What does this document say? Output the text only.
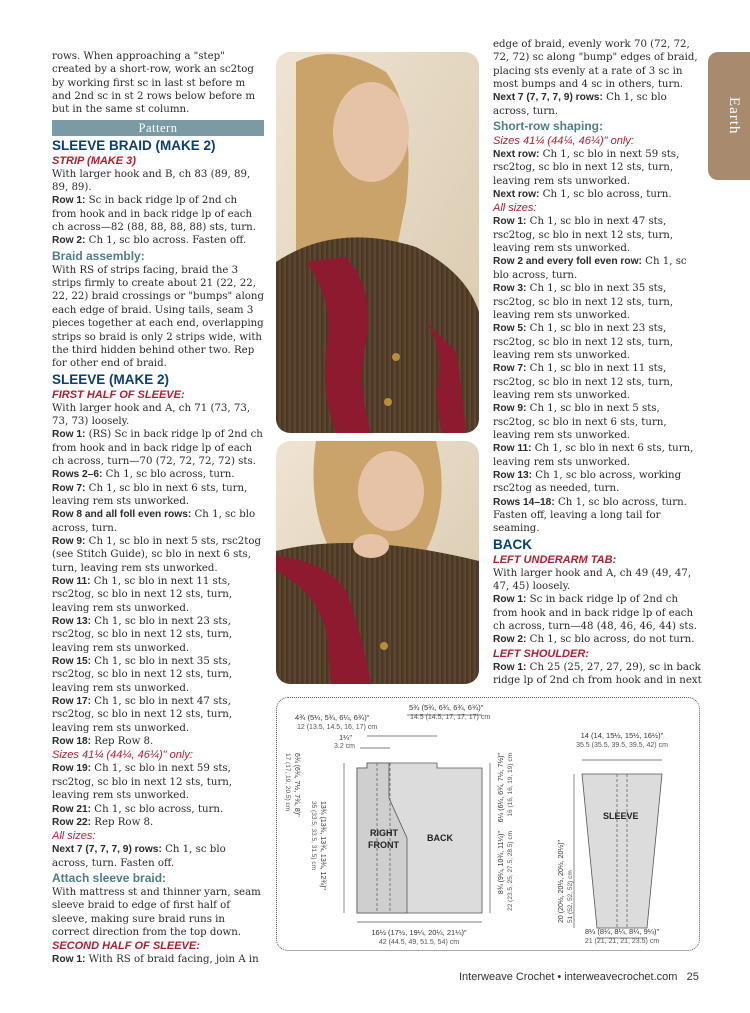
rows. When approaching a "step" created by a short-row, work an sc2tog by working first sc in last st before m and 2nd sc in st 2 rows below before m but in the same st column.

Pattern
SLEEVE BRAID (MAKE 2)
STRIP (MAKE 3)

With larger hook and B, ch 83 (89, 89, 89, 89).

Row 1: Sc in back ridge lp of 2nd ch from hook and in back ridge lp of each ch across—82 (88, 88, 88, 88) sts, turn.

Row 2: Ch 1, sc blo across. Fasten off.

Braid assembly:

With RS of strips facing, braid the 3 strips firmly to create about 21 (22, 22, 22, 22) braid crossings or "bumps" along each edge of braid. Using tails, seam 3 pieces together at each end, overlapping strips so braid is only 2 strips wide, with the third hidden behind other two. Rep for other end of braid.

SLEEVE (MAKE 2)
FIRST HALF OF SLEEVE:

With larger hook and A, ch 71 (73, 73, 73, 73) loosely.

Row 1: (RS) Sc in back ridge lp of 2nd ch from hook and in back ridge lp of each ch across, turn—70 (72, 72, 72, 72) sts.

Rows 2–6: Ch 1, sc blo across, turn.

Row 7: Ch 1, sc blo in next 6 sts, turn, leaving rem sts unworked.

Row 8 and all foll even rows: Ch 1, sc blo across, turn.

Row 9: Ch 1, sc blo in next 5 sts, rsc2tog (see Stitch Guide), sc blo in next 6 sts, turn, leaving rem sts unworked.

Row 11: Ch 1, sc blo in next 11 sts, rsc2tog, sc blo in next 12 sts, turn, leaving rem sts unworked.

Row 13: Ch 1, sc blo in next 23 sts, rsc2tog, sc blo in next 12 sts, turn, leaving rem sts unworked.

Row 15: Ch 1, sc blo in next 35 sts, rsc2tog, sc blo in next 12 sts, turn, leaving rem sts unworked.

Row 17: Ch 1, sc blo in next 47 sts, rsc2tog, sc blo in next 12 sts, turn, leaving rem sts unworked.

Row 18: Rep Row 8.

Sizes 41¼ (44¼, 46¼)" only:

Row 19: Ch 1, sc blo in next 59 sts, rsc2tog, sc blo in next 12 sts, turn, leaving rem sts unworked.

Row 21: Ch 1, sc blo across, turn.

Row 22: Rep Row 8.

All sizes:

Next 7 (7, 7, 7, 9) rows: Ch 1, sc blo across, turn. Fasten off.

Attach sleeve braid:

With mattress st and thinner yarn, seam sleeve braid to edge of first half of sleeve, making sure braid runs in correct direction from the top down.

SECOND HALF OF SLEEVE:

Row 1: With RS of braid facing, join A in

edge of braid, evenly work 70 (72, 72, 72, 72) sc along "bump" edges of braid, placing sts evenly at a rate of 3 sc in most bumps and 4 sc in others, turn.

Next 7 (7, 7, 7, 9) rows: Ch 1, sc blo across, turn.

Short-row shaping:
Sizes 41¼ (44¼, 46¼)" only:

Next row: Ch 1, sc blo in next 59 sts, rsc2tog, sc blo in next 12 sts, turn, leaving rem sts unworked.

Next row: Ch 1, sc blo across, turn.

All sizes:

Row 1: Ch 1, sc blo in next 47 sts, rsc2tog, sc blo in next 12 sts, turn, leaving rem sts unworked.

Row 2 and every foll even row: Ch 1, sc blo across, turn.

Row 3: Ch 1, sc blo in next 35 sts, rsc2tog, sc blo in next 12 sts, turn, leaving rem sts unworked.

Row 5: Ch 1, sc blo in next 23 sts, rsc2tog, sc blo in next 12 sts, turn, leaving rem sts unworked.

Row 7: Ch 1, sc blo in next 11 sts, rsc2tog, sc blo in next 12 sts, turn, leaving rem sts unworked.

Row 9: Ch 1, sc blo in next 5 sts, rsc2tog, sc blo in next 6 sts, turn, leaving rem sts unworked.

Row 11: Ch 1, sc blo in next 6 sts, turn, leaving rem sts unworked.

Row 13: Ch 1, sc blo across, working rsc2tog as needed, turn.

Rows 14–18: Ch 1, sc blo across, turn. Fasten off, leaving a long tail for seaming.

BACK
LEFT UNDERARM TAB:

With larger hook and A, ch 49 (49, 47, 47, 45) loosely.

Row 1: Sc in back ridge lp of 2nd ch from hook and in back ridge lp of each ch across, turn—48 (48, 46, 46, 44) sts.

Row 2: Ch 1, sc blo across, do not turn.

LEFT SHOULDER:

Row 1: Ch 25 (25, 27, 27, 29), sc in back ridge lp of 2nd ch from hook and in next

Earth
4¾ (5¼, 5¾, 6¼, 6¾)"
12 (13.5, 14.5, 16, 17) cm
5¾ (5¾, 6¾, 6¾, 6¾)"
14.5 (14.5, 17, 17, 17) cm
1¼"
3.2 cm
6¾ (6¾, 7½, 7¾, 8)"
17 (17, 19, 20.5) cm
13¾ (13¾, 13¾, 13¾, 12¾)"
35 (33.5, 33.5, 31.5) cm
6¼ (6¼, 6¾, 7½, 7½)" 16 (16, 16, 19, 19) cm
8¾ (9¼, 10¾, 11¼)" 22 (23.5, 25, 27.5, 28.5) cm
16½ (17½, 19¼, 20¼, 21¼)"
42 (44.5, 49, 51.5, 54) cm
RIGHT
FRONT
BACK
14 (14, 15½, 15½, 16½)"
35.5 (35.5, 39.5, 39.5, 42) cm
20 (20½, 20½, 20½, 20½)" 51 (52, 52, 52) cm
SLEEVE
8¼ (8¼, 8¼, 8¼, 9¼)"
21 (21, 21, 21, 23.5) cm
Interweave Crochet • interweavecrochet.com 25
